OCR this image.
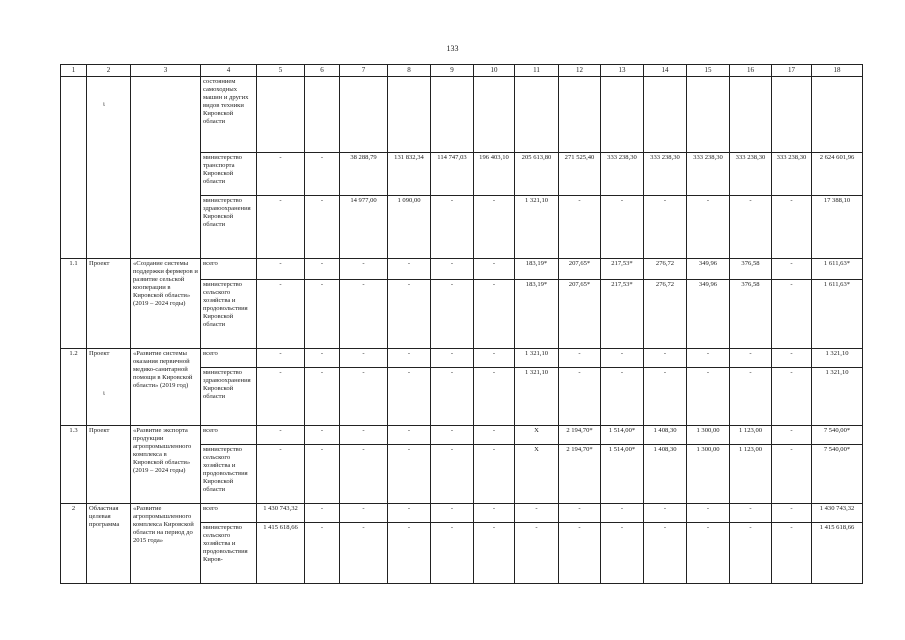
133
1	2	3	4	5	6	7	8	9	10	11	12	13	14	15	16	17	18
			состоянием самоходных машин и других видов техники Кировской области														
			министерство транспорта Кировской области	-	-	38 288,79	131 832,34	114 747,03	196 403,10	205 613,80	271 525,40	333 238,30	333 238,30	333 238,30	333 238,30	333 238,30	2 624 601,96
			министерство здравоохранения Кировской области	-	-	14 977,00	1 090,00	-	-	1 321,10	-	-	-	-	-	-	17 388,10
1.1	Проект	«Создание системы поддержки фермеров и развитие сельской кооперации в Кировской области» (2019 – 2024 годы)	всего	-	-	-	-	-	-	183,19*	207,65*	217,53*	276,72	349,96	376,58	-	1 611,63*
			министерство сельского хозяйства и продовольствия Кировской области	-	-	-	-	-	-	183,19*	207,65*	217,53*	276,72	349,96	376,58	-	1 611,63*
1.2	Проект	«Развитие системы оказания первичной медико-санитарной помощи в Кировской области» (2019 год)	всего	-	-	-	-	-	-	1 321,10	-	-	-	-	-	-	1 321,10
			министерство здравоохранения Кировской области	-	-	-	-	-	-	1 321,10	-	-	-	-	-	-	1 321,10
1.3	Проект	«Развитие экспорта продукции агропромышленного комплекса в Кировской области» (2019 – 2024 годы)	всего	-	-	-	-	-	-	X	2 194,70*	1 514,00*	1 408,30	1 300,00	1 123,00	-	7 540,00*
			министерство сельского хозяйства и продовольствия Кировской области	-	-	-	-	-	-	X	2 194,70*	1 514,00*	1 408,30	1 300,00	1 123,00	-	7 540,00*
2	Областная целевая программа	«Развитие агропромышленного комплекса Кировской области на период до 2015 года»	всего	1 430 743,32	-	-	-	-	-	-	-	-	-	-	-	-	1 430 743,32
			министерство сельского хозяйства и продовольствия Киров-	1 415 618,66	-	-	-	-	-	-	-	-	-	-	-	-	1 415 618,66
ι
ι
